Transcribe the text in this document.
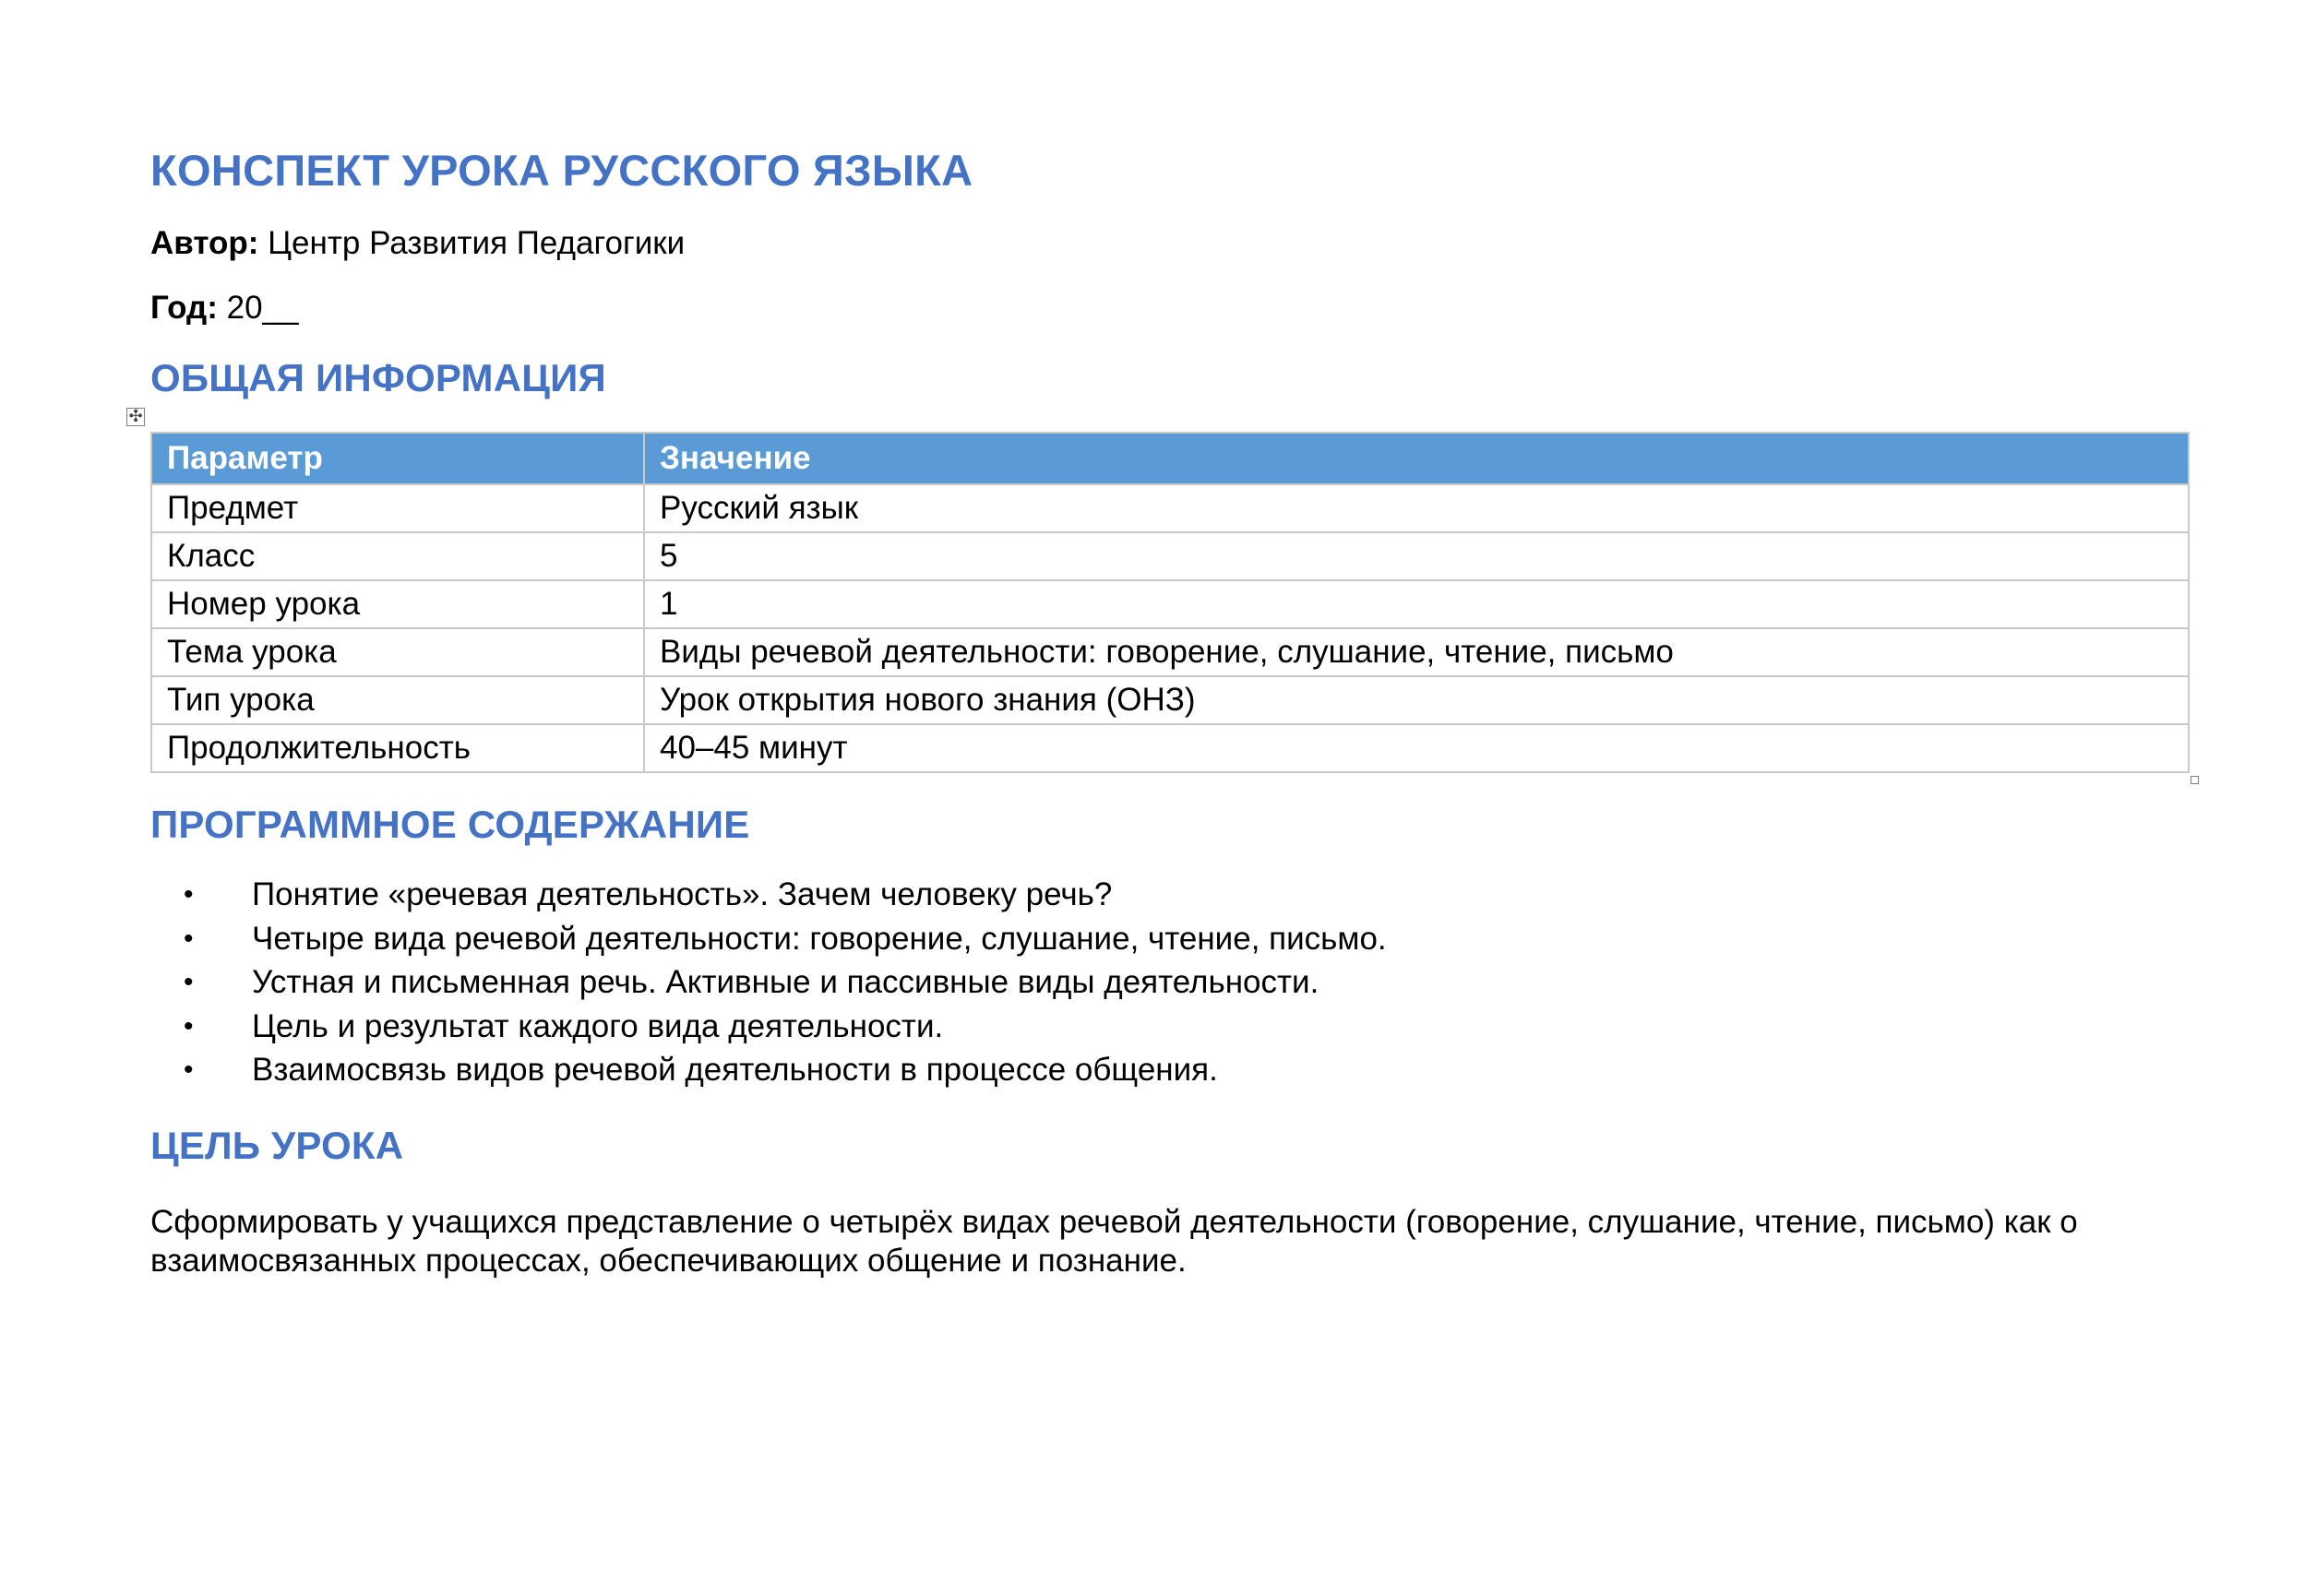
КОНСПЕКТ УРОКА РУССКОГО ЯЗЫКА

Автор: Центр Развития Педагогики

Год: 20__

ОБЩАЯ ИНФОРМАЦИЯ
✣
Параметр	Значение
Предмет	Русский язык
Класс	5
Номер урока	1
Тема урока	Виды речевой деятельности: говорение, слушание, чтение, письмо
Тип урока	Урок открытия нового знания (ОНЗ)
Продолжительность	40–45 минут
ПРОГРАММНОЕ СОДЕРЖАНИЕ
• Понятие «речевая деятельность». Зачем человеку речь?
• Четыре вида речевой деятельности: говорение, слушание, чтение, письмо.
• Устная и письменная речь. Активные и пассивные виды деятельности.
• Цель и результат каждого вида деятельности.
• Взаимосвязь видов речевой деятельности в процессе общения.
ЦЕЛЬ УРОКА

Сформировать у учащихся представление о четырёх видах речевой деятельности (говорение, слушание, чтение, письмо) как о взаимосвязанных процессах, обеспечивающих общение и познание.
